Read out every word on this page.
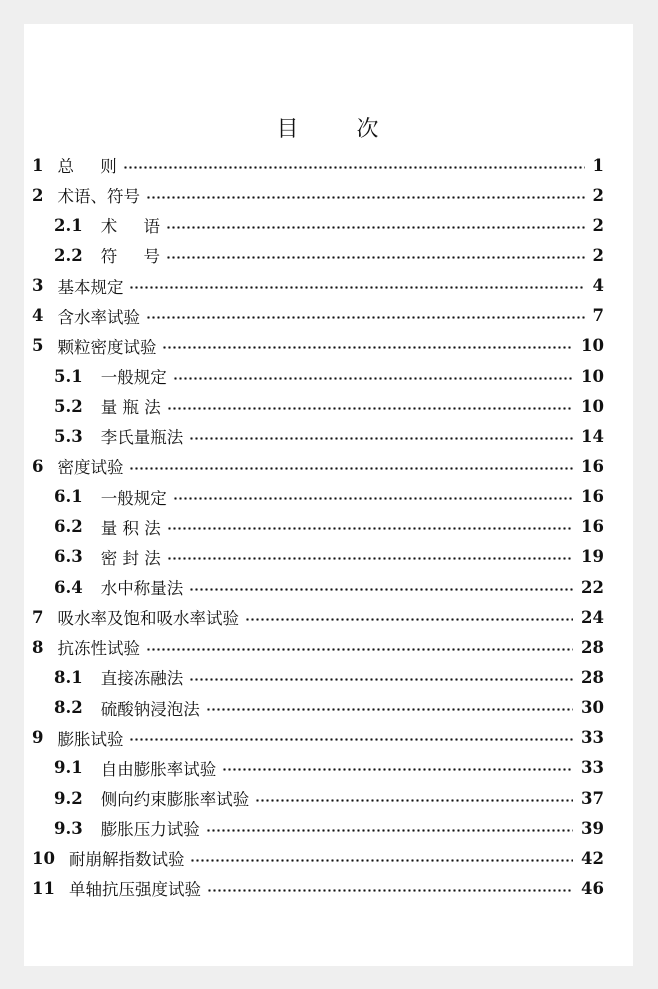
目	次
1 总     则	1
2 术语、符号	2
2.1 术     语	2
2.2 符     号	2
3 基本规定	4
4 含水率试验	7
5 颗粒密度试验	10
5.1 一般规定	10
5.2 量 瓶 法	10
5.3 李氏量瓶法	14
6 密度试验	16
6.1 一般规定	16
6.2 量 积 法	16
6.3 密 封 法	19
6.4 水中称量法	22
7 吸水率及饱和吸水率试验	24
8 抗冻性试验	28
8.1 直接冻融法	28
8.2 硫酸钠浸泡法	30
9 膨胀试验	33
9.1 自由膨胀率试验	33
9.2 侧向约束膨胀率试验	37
9.3 膨胀压力试验	39
10 耐崩解指数试验	42
11 单轴抗压强度试验	46
